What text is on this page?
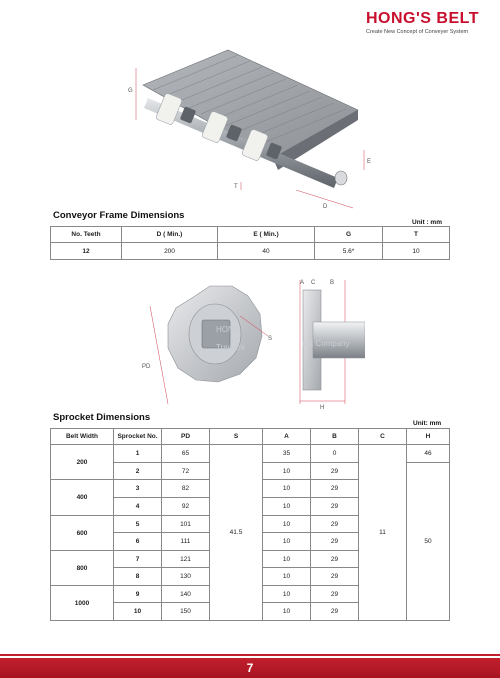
HONG'S BELT
Create New Concept of Conveyer System
G
E
T
D
Conveyor Frame Dimensions
Unit : mm
No. Teeth	D ( Min.)	E ( Min.)	G	T
12	200	40	5.6*	10
HONG
Transmi
PD
S	ent Company
A C B
H
Sprocket Dimensions
Unit: mm
Belt Width	Sprocket No.	PD	S	A	B	C	H
200	1	65	41.5	35	0	11	46
	2	72		10	29		50
400	3	82		10	29		
	4	92		10	29		
600	5	101		10	29		
	6	111		10	29		
800	7	121		10	29		
	8	130		10	29		
1000	9	140		10	29		
	10	150		10	29		
7
